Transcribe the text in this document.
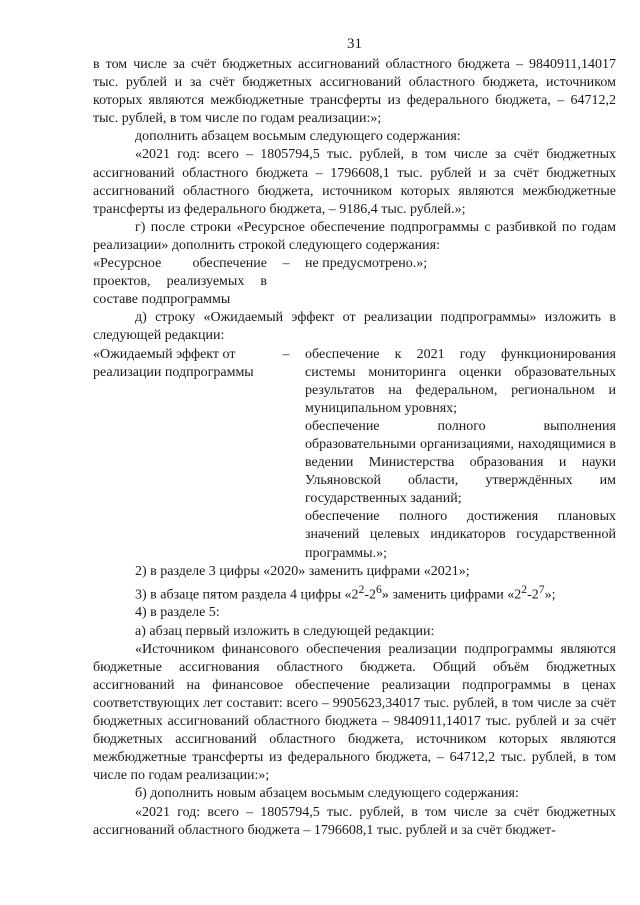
31

в том числе за счёт бюджетных ассигнований областного бюджета – 9840911,14017 тыс. рублей и за счёт бюджетных ассигнований областного бюджета, источником которых являются межбюджетные трансферты из федерального бюджета, – 64712,2 тыс. рублей, в том числе по годам реализации:»;

дополнить абзацем восьмым следующего содержания:

«2021 год: всего – 1805794,5 тыс. рублей, в том числе за счёт бюджетных ассигнований областного бюджета – 1796608,1 тыс. рублей и за счёт бюджетных ассигнований областного бюджета, источником которых являются межбюджетные трансферты из федерального бюджета, – 9186,4 тыс. рублей.»;

г) после строки «Ресурсное обеспечение подпрограммы с разбивкой по годам реализации» дополнить строкой следующего содержания:

«Ресурсное обеспечение проектов, реализуемых в составе подпрограммы
–	не предусмотрено.»;

д) строку «Ожидаемый эффект от реализации подпрограммы» изложить в следующей редакции:

«Ожидаемый эффект от реализации подпрограммы
–	обеспечение к 2021 году функционирования системы мониторинга оценки образовательных результатов на федеральном, региональном и муниципальном уровнях;

обеспечение полного выполнения образовательными организациями, находящимися в ведении Министерства образования и науки Ульяновской области, утверждённых им государственных заданий;

обеспечение полного достижения плановых значений целевых индикаторов государственной программы.»;

2) в разделе 3 цифры «2020» заменить цифрами «2021»;

3) в абзаце пятом раздела 4 цифры «$2^2-2^6$» заменить цифрами «$2^2-2^7$»;

4) в разделе 5:

а) абзац первый изложить в следующей редакции:

«Источником финансового обеспечения реализации подпрограммы являются бюджетные ассигнования областного бюджета. Общий объём бюджетных ассигнований на финансовое обеспечение реализации подпрограммы в ценах соответствующих лет составит: всего – 9905623,34017 тыс. рублей, в том числе за счёт бюджетных ассигнований областного бюджета – 9840911,14017 тыс. рублей и за счёт бюджетных ассигнований областного бюджета, источником которых являются межбюджетные трансферты из федерального бюджета, – 64712,2 тыс. рублей, в том числе по годам реализации:»;

б) дополнить новым абзацем восьмым следующего содержания:

«2021 год: всего – 1805794,5 тыс. рублей, в том числе за счёт бюджетных ассигнований областного бюджета – 1796608,1 тыс. рублей и за счёт бюджет-
